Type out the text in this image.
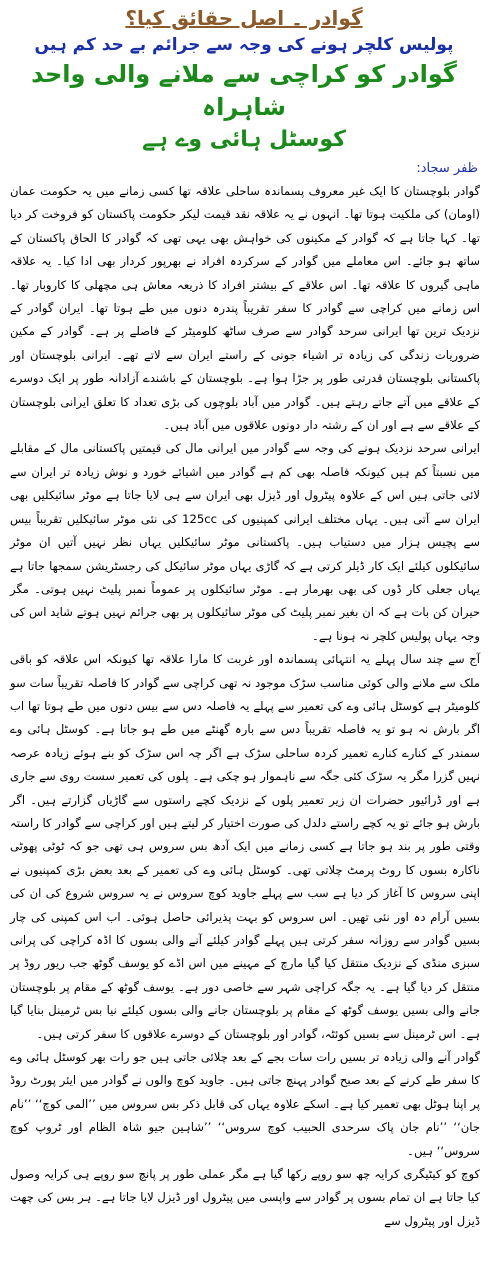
گوادر ۔ اصل حقائق کیا؟
پولیس کلچر ہونے کی وجہ سے جرائم بے حد کم ہیں
گوادر کو کراچی سے ملانے والی واحد شاہراہ
کوسٹل ہائی وے ہے
ظفر سجاد:

گوادر بلوچستان کا ایک غیر معروف پسماندہ ساحلی علاقہ تھا کسی زمانے میں یہ حکومت عمان (اومان) کی ملکیت ہوتا تھا۔ انہوں نے یہ علاقہ نقد قیمت لیکر حکومت پاکستان کو فروخت کر دیا تھا۔ کہا جاتا ہے کہ گوادر کے مکینوں کی خواہش بھی یہی تھی کہ گوادر کا الحاق پاکستان کے ساتھ ہو جائے۔ اس معاملے میں گوادر کے سرکردہ افراد نے بھرپور کردار بھی ادا کیا۔ یہ علاقہ ماہی گیروں کا علاقہ تھا۔ اس علاقے کے بیشتر افراد کا ذریعہ معاش ہی مچھلی کا کاروبار تھا۔ اس زمانے میں کراچی سے گوادر کا سفر تقریباً پندرہ دنوں میں طے ہوتا تھا۔ ایران گوادر کے نزدیک ترین تھا ایرانی سرحد گوادر سے صرف ساٹھ کلومیٹر کے فاصلے پر ہے۔ گوادر کے مکین ضروریات زندگی کی زیادہ تر اشیاء جونی کے راستے ایران سے لاتے تھے۔ ایرانی بلوچستان اور پاکستانی بلوچستان قدرتی طور پر جڑا ہوا ہے۔ بلوچستان کے باشندے آزادانہ طور پر ایک دوسرے کے علاقے میں آتے جاتے رہتے ہیں۔ گوادر میں آباد بلوچوں کی بڑی تعداد کا تعلق ایرانی بلوچستان کے علاقے سے ہے اور ان کے رشتہ دار دونوں علاقوں میں آباد ہیں۔

ایرانی سرحد نزدیک ہونے کی وجہ سے گوادر میں ایرانی مال کی قیمتیں پاکستانی مال کے مقابلے میں نسبتاً کم ہیں کیونکہ فاصلہ بھی کم ہے گوادر میں اشیائے خورد و نوش زیادہ تر ایران سے لائی جاتی ہیں اس کے علاوہ پیٹرول اور ڈیزل بھی ایران سے ہی لایا جاتا ہے موٹر سائیکلیں بھی ایران سے آتی ہیں۔ یہاں مختلف ایرانی کمپنیوں کی 125cc کی نئی موٹر سائیکلیں تقریباً بیس سے پچیس ہزار میں دستیاب ہیں۔ پاکستانی موٹر سائیکلیں یہاں نظر نہیں آتیں ان موٹر سائیکلوں کیلئے ایک کار ڈیلر کرتی ہے کہ گاڑی یہاں موٹر سائیکل کی رجسٹریشن سمجھا جاتا ہے یہاں جعلی کار ڈوں کی بھی بھرمار ہے۔ موٹر سائیکلوں پر عموماً نمبر پلیٹ نہیں ہوتی۔ مگر حیران کن بات ہے کہ ان بغیر نمبر پلیٹ کی موٹر سائیکلوں پر بھی جرائم نہیں ہوتے شاید اس کی وجہ یہاں پولیس کلچر نہ ہونا ہے۔

آج سے چند سال پہلے یہ انتہائی پسماندہ اور غربت کا مارا علاقہ تھا کیونکہ اس علاقہ کو باقی ملک سے ملانے والی کوئی مناسب سڑک موجود نہ تھی کراچی سے گوادر کا فاصلہ تقریباً سات سو کلومیٹر ہے کوسٹل ہائی وے کی تعمیر سے پہلے یہ فاصلہ دس سے بیس دنوں میں طے ہوتا تھا اب اگر بارش نہ ہو تو یہ فاصلہ تقریباً دس سے بارہ گھنٹے میں طے ہو جاتا ہے۔ کوسٹل ہائی وے سمندر کے کنارے کنارے تعمیر کردہ ساحلی سڑک ہے اگر چہ اس سڑک کو بنے ہوئے زیادہ عرصہ نہیں گزرا مگر یہ سڑک کئی جگہ سے ناہموار ہو چکی ہے۔ پلوں کی تعمیر سست روی سے جاری ہے اور ڈرائیور حضرات ان زیر تعمیر پلوں کے نزدیک کچے راستوں سے گاڑیاں گزارتے ہیں۔ اگر بارش ہو جائے تو یہ کچے راستے دلدل کی صورت اختیار کر لیتے ہیں اور کراچی سے گوادر کا راستہ وقتی طور پر بند ہو جاتا ہے کسی زمانے میں ایک آدھ بس سروس ہی تھی جو کہ ٹوٹی پھوٹی ناکارہ بسوں کا روٹ پرمٹ چلاتی تھی۔ کوسٹل ہائی وے کی تعمیر کے بعد بعض بڑی کمپنیوں نے اپنی سروس کا آغاز کر دیا ہے سب سے پہلے جاوید کوچ سروس نے یہ سروس شروع کی ان کی بسیں آرام دہ اور نئی تھیں۔ اس سروس کو بہت پذیرائی حاصل ہوئی۔ اب اس کمپنی کی چار بسیں گوادر سے روزانہ سفر کرتی ہیں پہلے گوادر کیلئے آنے والی بسوں کا اڈہ کراچی کی پرانی سبزی منڈی کے نزدیک منتقل کیا گیا مارچ کے مہینے میں اس اڈے کو یوسف گوٹھ جب ریور روڈ پر منتقل کر دیا گیا ہے۔ یہ جگہ کراچی شہر سے خاصی دور ہے۔ یوسف گوٹھ کے مقام پر بلوچستان جانے والی بسیں یوسف گوٹھ کے مقام پر بلوچستان جانے والی بسوں کیلئے نیا بس ٹرمینل بنایا گیا ہے۔ اس ٹرمینل سے بسیں کوئٹہ، گوادر اور بلوچستان کے دوسرے علاقوں کا سفر کرتی ہیں۔

گوادر آنے والی زیادہ تر بسیں رات سات بجے کے بعد چلائی جاتی ہیں جو رات بھر کوسٹل ہائی وے کا سفر طے کرنے کے بعد صبح گوادر پہنچ جاتی ہیں۔ جاوید کوچ والوں نے گوادر میں ایئر پورٹ روڈ پر اپنا ہوٹل بھی تعمیر کیا ہے۔ اسکے علاوہ یہاں کی قابل ذکر بس سروس میں ’’المی کوچ‘‘ ’’نام جان‘‘ ’’نام جان پاک سرحدی الحبیب کوچ سروس‘‘ ’’شاہین جیو شاہ الظام اور ٹروپ کوچ سروس‘‘ ہیں۔

کوچ کو کیٹیگری کرایہ چھ سو روپے رکھا گیا ہے مگر عملی طور پر پانچ سو روپے ہی کرایہ وصول کیا جاتا ہے ان تمام بسوں پر گوادر سے واپسی میں پیٹرول اور ڈیزل لایا جاتا ہے۔ ہر بس کی چھت ڈیزل اور پیٹرول سے
